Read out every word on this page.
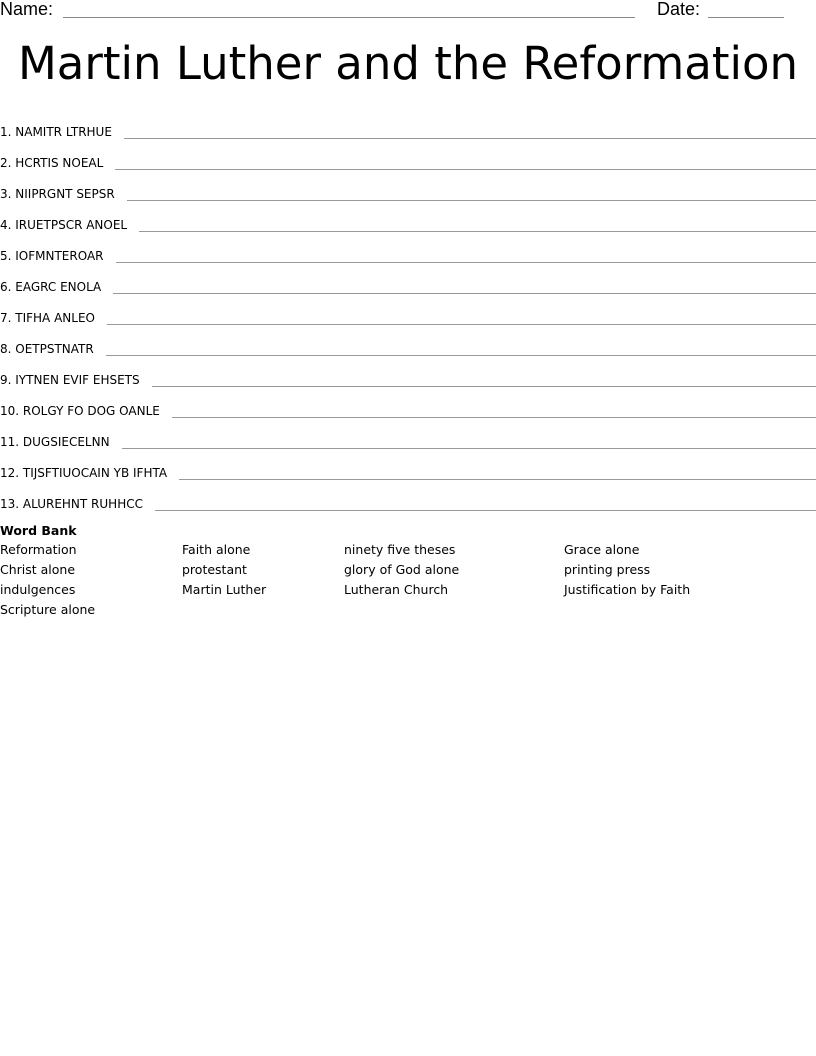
Name:	Date:
Martin Luther and the Reformation
1. NAMITR LTRHUE
2. HCRTIS NOEAL
3. NIIPRGNT SEPSR
4. IRUETPSCR ANOEL
5. IOFMNTEROAR
6. EAGRC ENOLA
7. TIFHA ANLEO
8. OETPSTNATR
9. IYTNEN EVIF EHSETS
10. ROLGY FO DOG OANLE
11. DUGSIECELNN
12. TIJSFTIUOCAIN YB IFHTA
13. ALUREHNT RUHHCC
Word Bank
Reformation	Faith alone	ninety five theses	Grace alone
Christ alone	protestant	glory of God alone	printing press
indulgences	Martin Luther	Lutheran Church	Justification by Faith
Scripture alone
